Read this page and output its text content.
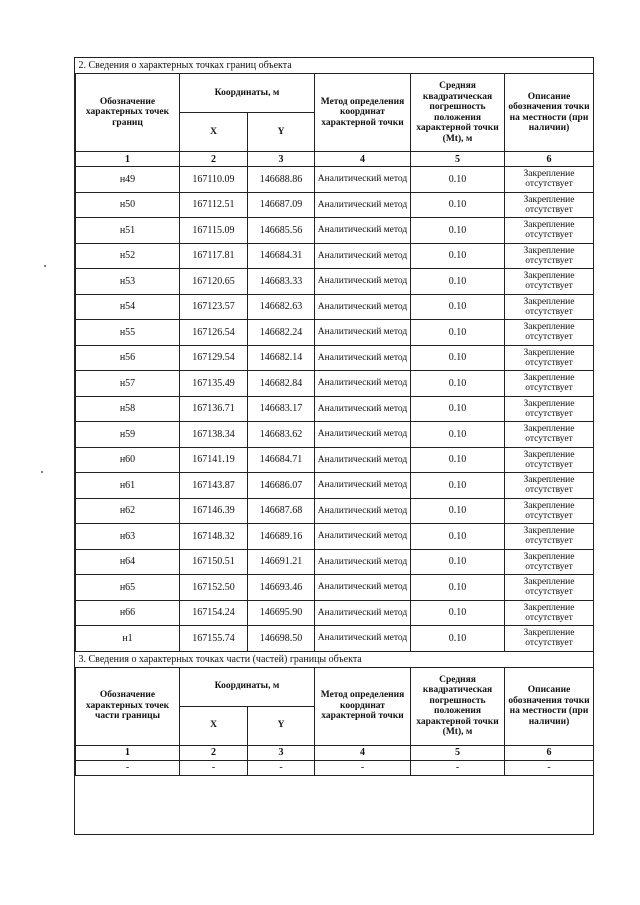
2. Сведения о характерных точках границ объекта					
Обозначение характерных точек границ	Координаты, м		Метод определения координат характерной точки	Средняя квадратическая погрешность положения характерной точки (Mt), м	Описание обозначения точки на местности (при наличии)
	X	Y			
1	2	3	4	5	6
н49	167110.09	146688.86	Аналитический метод	0.10	Закрепление отсутствует
н50	167112.51	146687.09	Аналитический метод	0.10	Закрепление отсутствует
н51	167115.09	146685.56	Аналитический метод	0.10	Закрепление отсутствует
н52	167117.81	146684.31	Аналитический метод	0.10	Закрепление отсутствует
н53	167120.65	146683.33	Аналитический метод	0.10	Закрепление отсутствует
н54	167123.57	146682.63	Аналитический метод	0.10	Закрепление отсутствует
н55	167126.54	146682.24	Аналитический метод	0.10	Закрепление отсутствует
н56	167129.54	146682.14	Аналитический метод	0.10	Закрепление отсутствует
н57	167135.49	146682.84	Аналитический метод	0.10	Закрепление отсутствует
н58	167136.71	146683.17	Аналитический метод	0.10	Закрепление отсутствует
н59	167138.34	146683.62	Аналитический метод	0.10	Закрепление отсутствует
н60	167141.19	146684.71	Аналитический метод	0.10	Закрепление отсутствует
н61	167143.87	146686.07	Аналитический метод	0.10	Закрепление отсутствует
н62	167146.39	146687.68	Аналитический метод	0.10	Закрепление отсутствует
н63	167148.32	146689.16	Аналитический метод	0.10	Закрепление отсутствует
н64	167150.51	146691.21	Аналитический метод	0.10	Закрепление отсутствует
н65	167152.50	146693.46	Аналитический метод	0.10	Закрепление отсутствует
н66	167154.24	146695.90	Аналитический метод	0.10	Закрепление отсутствует
н1	167155.74	146698.50	Аналитический метод	0.10	Закрепление отсутствует
3. Сведения о характерных точках части (частей) границы объекта					
Обозначение характерных точек части границы	Координаты, м		Метод определения координат характерной точки	Средняя квадратическая погрешность положения характерной точки (Mt), м	Описание обозначения точки на местности (при наличии)
	X	Y			
1	2	3	4	5	6
-	-	-	-	-	-
